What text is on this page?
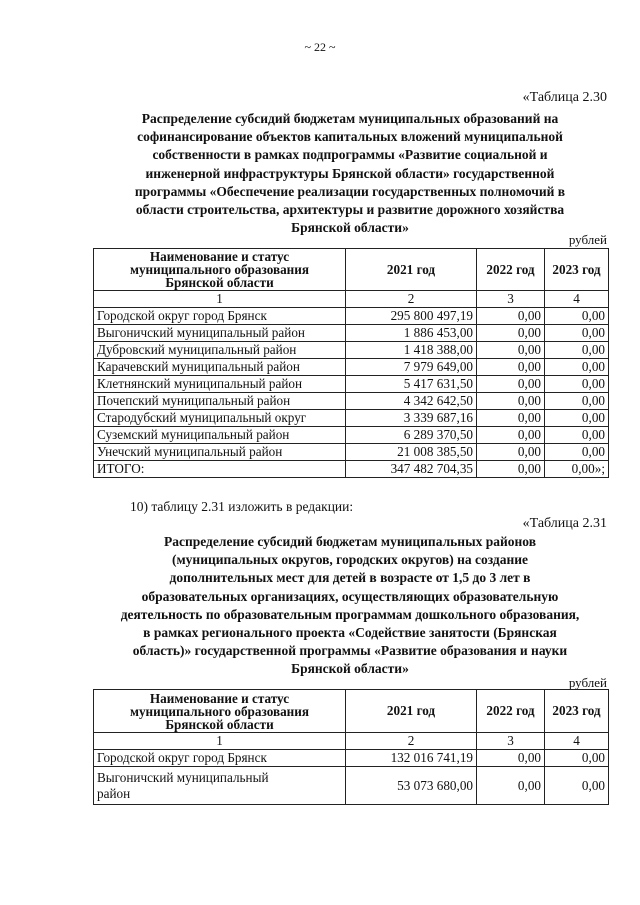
~ 22 ~
«Таблица 2.30
Распределение субсидий бюджетам муниципальных образований на
софинансирование объектов капитальных вложений муниципальной
собственности в рамках подпрограммы «Развитие социальной и
инженерной инфраструктуры Брянской области» государственной
программы «Обеспечение реализации государственных полномочий в
области строительства, архитектуры и развитие дорожного хозяйства
Брянской области»
рублей
Наименование и статус
муниципального образования
Брянской области	2021 год	2022 год	2023 год
1	2	3	4
Городской округ город Брянск	295 800 497,19	0,00	0,00
Выгоничский муниципальный район	1 886 453,00	0,00	0,00
Дубровский муниципальный район	1 418 388,00	0,00	0,00
Карачевский муниципальный район	7 979 649,00	0,00	0,00
Клетнянский муниципальный район	5 417 631,50	0,00	0,00
Почепский муниципальный район	4 342 642,50	0,00	0,00
Стародубский муниципальный округ	3 339 687,16	0,00	0,00
Суземский муниципальный район	6 289 370,50	0,00	0,00
Унечский муниципальный район	21 008 385,50	0,00	0,00
ИТОГО:	347 482 704,35	0,00	0,00»;
10) таблицу 2.31 изложить в редакции:
«Таблица 2.31
Распределение субсидий бюджетам муниципальных районов
(муниципальных округов, городских округов) на создание
дополнительных мест для детей в возрасте от 1,5 до 3 лет в
образовательных организациях, осуществляющих образовательную
деятельность по образовательным программам дошкольного образования,
в рамках регионального проекта «Содействие занятости (Брянская
область)» государственной программы «Развитие образования и науки
Брянской области»
рублей
Наименование и статус
муниципального образования
Брянской области	2021 год	2022 год	2023 год
1	2	3	4
Городской округ город Брянск	132 016 741,19	0,00	0,00

Выгоничский муниципальный
район	53 073 680,00	0,00	0,00
